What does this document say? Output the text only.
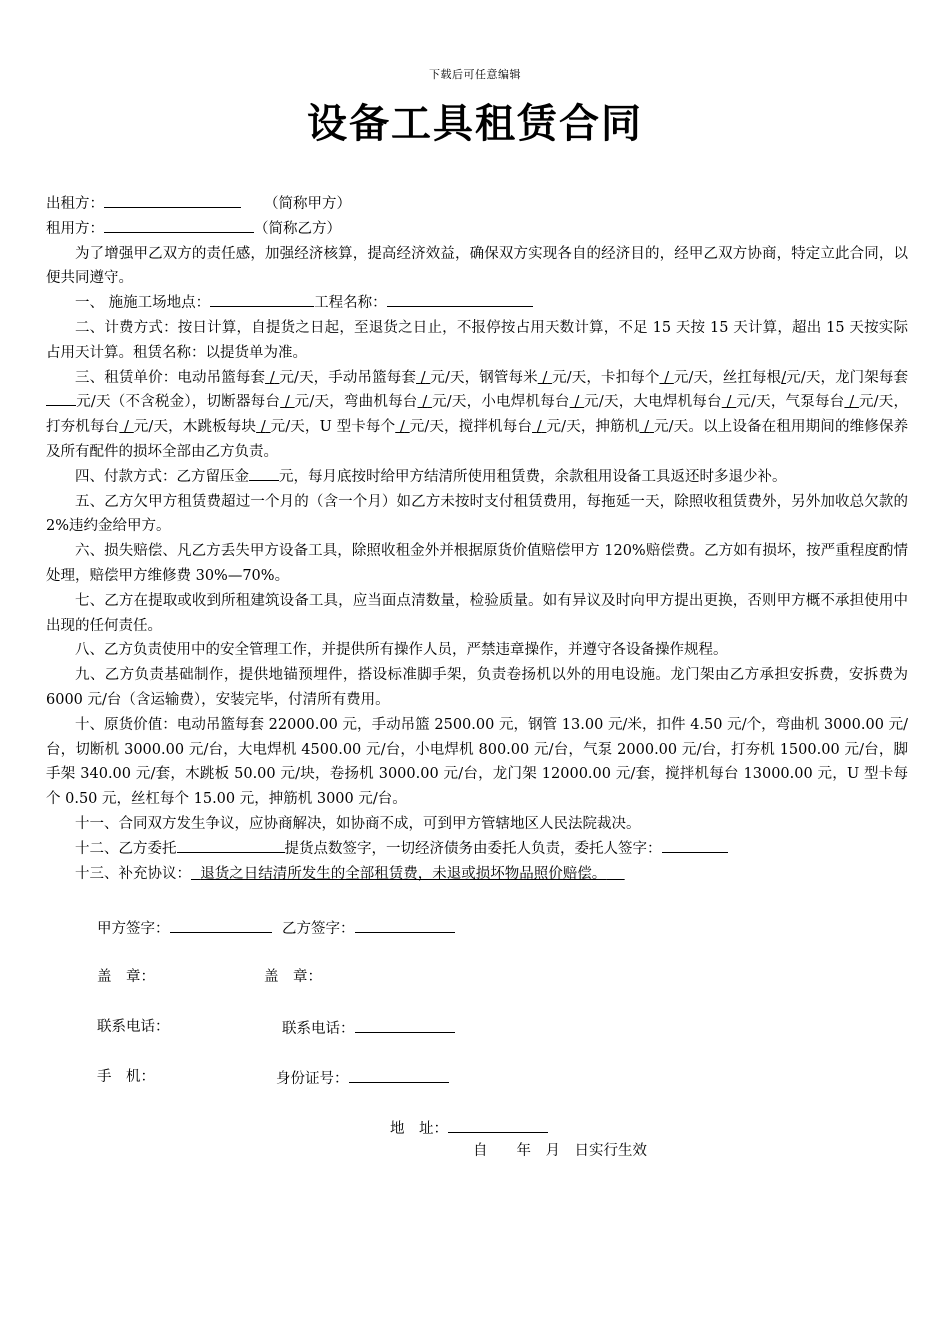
下载后可任意编辑
设备工具租赁合同

出租方：	（简称甲方）

租用方：	（简称乙方）

为了增强甲乙双方的责任感，加强经济核算，提高经济效益，确保双方实现各自的经济目的，经甲乙双方协商，特定立此合同，以便共同遵守。

一、 施施工场地点：	工程名称：

二、计费方式：按日计算，自提货之日起，至退货之日止，不报停按占用天数计算，不足 15 天按 15 天计算，超出 15 天按实际占用天计算。租赁名称：以提货单为准。

三、租赁单价：电动吊篮每套 / 元/天，手动吊篮每套 / 元/天，钢管每米 / 元/天，卡扣每个 / 元/天，丝扛每根/元/天，龙门架每套元/天（不含税金），切断器每台 / 元/天，弯曲机每台 / 元/天，小电焊机每台 / 元/天，大电焊机每台 / 元/天，气泵每台 / 元/天，打夯机每台 / 元/天，木跳板每块 / 元/天，U 型卡每个 / 元/天，搅拌机每台 / 元/天，抻筋机 / 元/天。以上设备在租用期间的维修保养及所有配件的损坏全部由乙方负责。

四、付款方式：乙方留压金 元，每月底按时给甲方结清所使用租赁费，余款租用设备工具返还时多退少补。

五、乙方欠甲方租赁费超过一个月的（含一个月）如乙方未按时支付租赁费用，每拖延一天，除照收租赁费外，另外加收总欠款的 2%违约金给甲方。

六、损失赔偿、凡乙方丢失甲方设备工具，除照收租金外并根据原货价值赔偿甲方 120%赔偿费。乙方如有损坏，按严重程度酌情处理，赔偿甲方维修费 30%—70%。

七、乙方在提取或收到所租建筑设备工具，应当面点清数量，检验质量。如有异议及时向甲方提出更换，否则甲方概不承担使用中出现的任何责任。

八、乙方负责使用中的安全管理工作，并提供所有操作人员，严禁违章操作，并遵守各设备操作规程。

九、乙方负责基础制作，提供地锚预埋件，搭设标准脚手架，负责卷扬机以外的用电设施。龙门架由乙方承担安拆费，安拆费为 6000 元/台（含运输费），安装完毕，付清所有费用。

十、原货价值：电动吊篮每套 22000.00 元，手动吊篮 2500.00 元，钢管 13.00 元/米，扣件 4.50 元/个，弯曲机 3000.00 元/台，切断机 3000.00 元/台，大电焊机 4500.00 元/台，小电焊机 800.00 元/台，气泵 2000.00 元/台，打夯机 1500.00 元/台，脚手架 340.00 元/套，木跳板 50.00 元/块，卷扬机 3000.00 元/台，龙门架 12000.00 元/套，搅拌机每台 13000.00 元，U 型卡每个 0.50 元，丝杠每个 15.00 元，抻筋机 3000 元/台。

十一、合同双方发生争议，应协商解决，如协商不成，可到甲方管辖地区人民法院裁决。

十二、乙方委托	提货点数签字，一切经济债务由委托人负责，委托人签字：

十三、补充协议： 退货之日结清所发生的全部租赁费，未退或损坏物品照价赔偿。

甲方签字：	乙方签字：
盖　章：	盖　章：
联系电话：	联系电话：
手　机：	身份证号：
地　址：
自　　年　月　日实行生效
